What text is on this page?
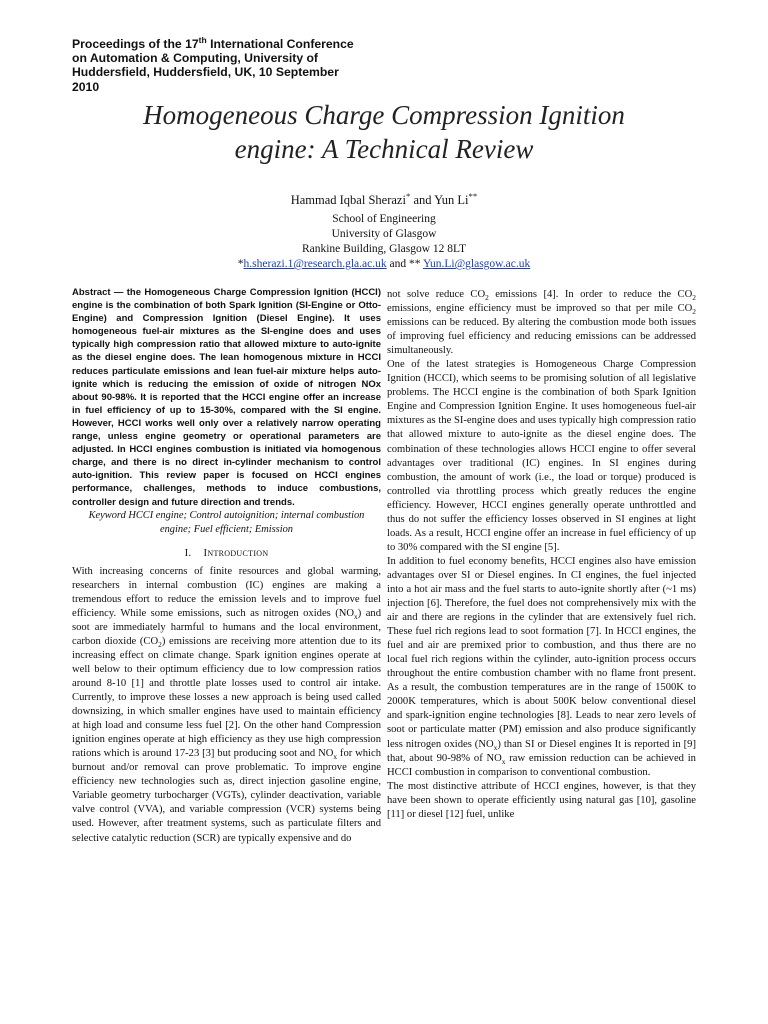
Proceedings of the 17th International Conference
on Automation & Computing, University of
Huddersfield, Huddersfield, UK, 10 September
2010
Homogeneous Charge Compression Ignition
engine: A Technical Review
Hammad Iqbal Sherazi* and Yun Li**
School of Engineering
University of Glasgow
Rankine Building, Glasgow 12 8LT
*h.sherazi.1@research.gla.ac.uk and ** Yun.Li@glasgow.ac.uk

Abstract — the Homogeneous Charge Compression Ignition (HCCI) engine is the combination of both Spark Ignition (SI-Engine or Otto-Engine) and Compression Ignition (Diesel Engine). It uses homogeneous fuel-air mixtures as the SI-engine does and uses typically high compression ratio that allowed mixture to auto-ignite as the diesel engine does. The lean homogenous mixture in HCCI reduces particulate emissions and lean fuel-air mixture helps auto-ignite which is reducing the emission of oxide of nitrogen NOx about 90-98%. It is reported that the HCCI engine offer an increase in fuel efficiency of up to 15-30%, compared with the SI engine. However, HCCI works well only over a relatively narrow operating range, unless engine geometry or operational parameters are adjusted. In HCCI engines combustion is initiated via homogenous charge, and there is no direct in-cylinder mechanism to control auto-ignition. This review paper is focused on HCCI engines performance, challenges, methods to induce combustions, controller design and future direction and trends.

Keyword HCCI engine; Control autoignition; internal combustion engine; Fuel efficient; Emission

I. Introduction

With increasing concerns of finite resources and global warming, researchers in internal combustion (IC) engines are making a tremendous effort to reduce the emission levels and to improve fuel efficiency. While some emissions, such as nitrogen oxides $(NO_x)$ and soot are immediately harmful to humans and the local environment, carbon dioxide $(CO_2)$ emissions are receiving more attention due to its increasing effect on climate change. Spark ignition engines operate at well below to their optimum efficiency due to low compression ratios around 8-10 [1] and throttle plate losses used to control air intake. Currently, to improve these losses a new approach is being used called downsizing, in which smaller engines have used to maintain efficiency at high load and consume less fuel [2]. On the other hand Compression ignition engines operate at high efficiency as they use high compression rations which is around 17-23 [3] but producing soot and $NO_x$ for which burnout and/or removal can prove problematic. To improve engine efficiency new technologies such as, direct injection gasoline engine, Variable geometry turbocharger (VGTs), cylinder deactivation, variable valve control (VVA), and variable compression (VCR) systems being used. However, after treatment systems, such as particulate filters and selective catalytic reduction (SCR) are typically expensive and do

not solve reduce $CO_2$ emissions [4]. In order to reduce the $CO_2$ emissions, engine efficiency must be improved so that per mile $CO_2$ emissions can be reduced. By altering the combustion mode both issues of improving fuel efficiency and reducing emissions can be addressed simultaneously.

One of the latest strategies is Homogeneous Charge Compression Ignition (HCCI), which seems to be promising solution of all legislative problems. The HCCI engine is the combination of both Spark Ignition Engine and Compression Ignition Engine. It uses homogeneous fuel-air mixtures as the SI-engine does and uses typically high compression ratio that allowed mixture to auto-ignite as the diesel engine does. The combination of these technologies allows HCCI engine to offer several advantages over traditional (IC) engines. In SI engines during combustion, the amount of work (i.e., the load or torque) produced is controlled via throttling process which greatly reduces the engine efficiency. However, HCCI engines generally operate unthrottled and thus do not suffer the efficiency losses observed in SI engines at light loads. As a result, HCCI engine offer an increase in fuel efficiency of up to 30% compared with the SI engine [5].

In addition to fuel economy benefits, HCCI engines also have emission advantages over SI or Diesel engines. In CI engines, the fuel injected into a hot air mass and the fuel starts to auto-ignite shortly after (~1 ms) injection [6]. Therefore, the fuel does not comprehensively mix with the air and there are regions in the cylinder that are extensively fuel rich. These fuel rich regions lead to soot formation [7]. In HCCI engines, the fuel and air are premixed prior to combustion, and thus there are no local fuel rich regions within the cylinder, auto-ignition process occurs throughout the entire combustion chamber with no flame front present. As a result, the combustion temperatures are in the range of 1500K to 2000K temperatures, which is about 500K below conventional diesel and spark-ignition engine technologies [8]. Leads to near zero levels of soot or particulate matter (PM) emission and also produce significantly less nitrogen oxides $(NO_x)$ than SI or Diesel engines It is reported in [9] that, about 90-98% of $NO_x$ raw emission reduction can be achieved in HCCI combustion in comparison to conventional combustion.

The most distinctive attribute of HCCI engines, however, is that they have been shown to operate efficiently using natural gas [10], gasoline [11] or diesel [12] fuel, unlike
